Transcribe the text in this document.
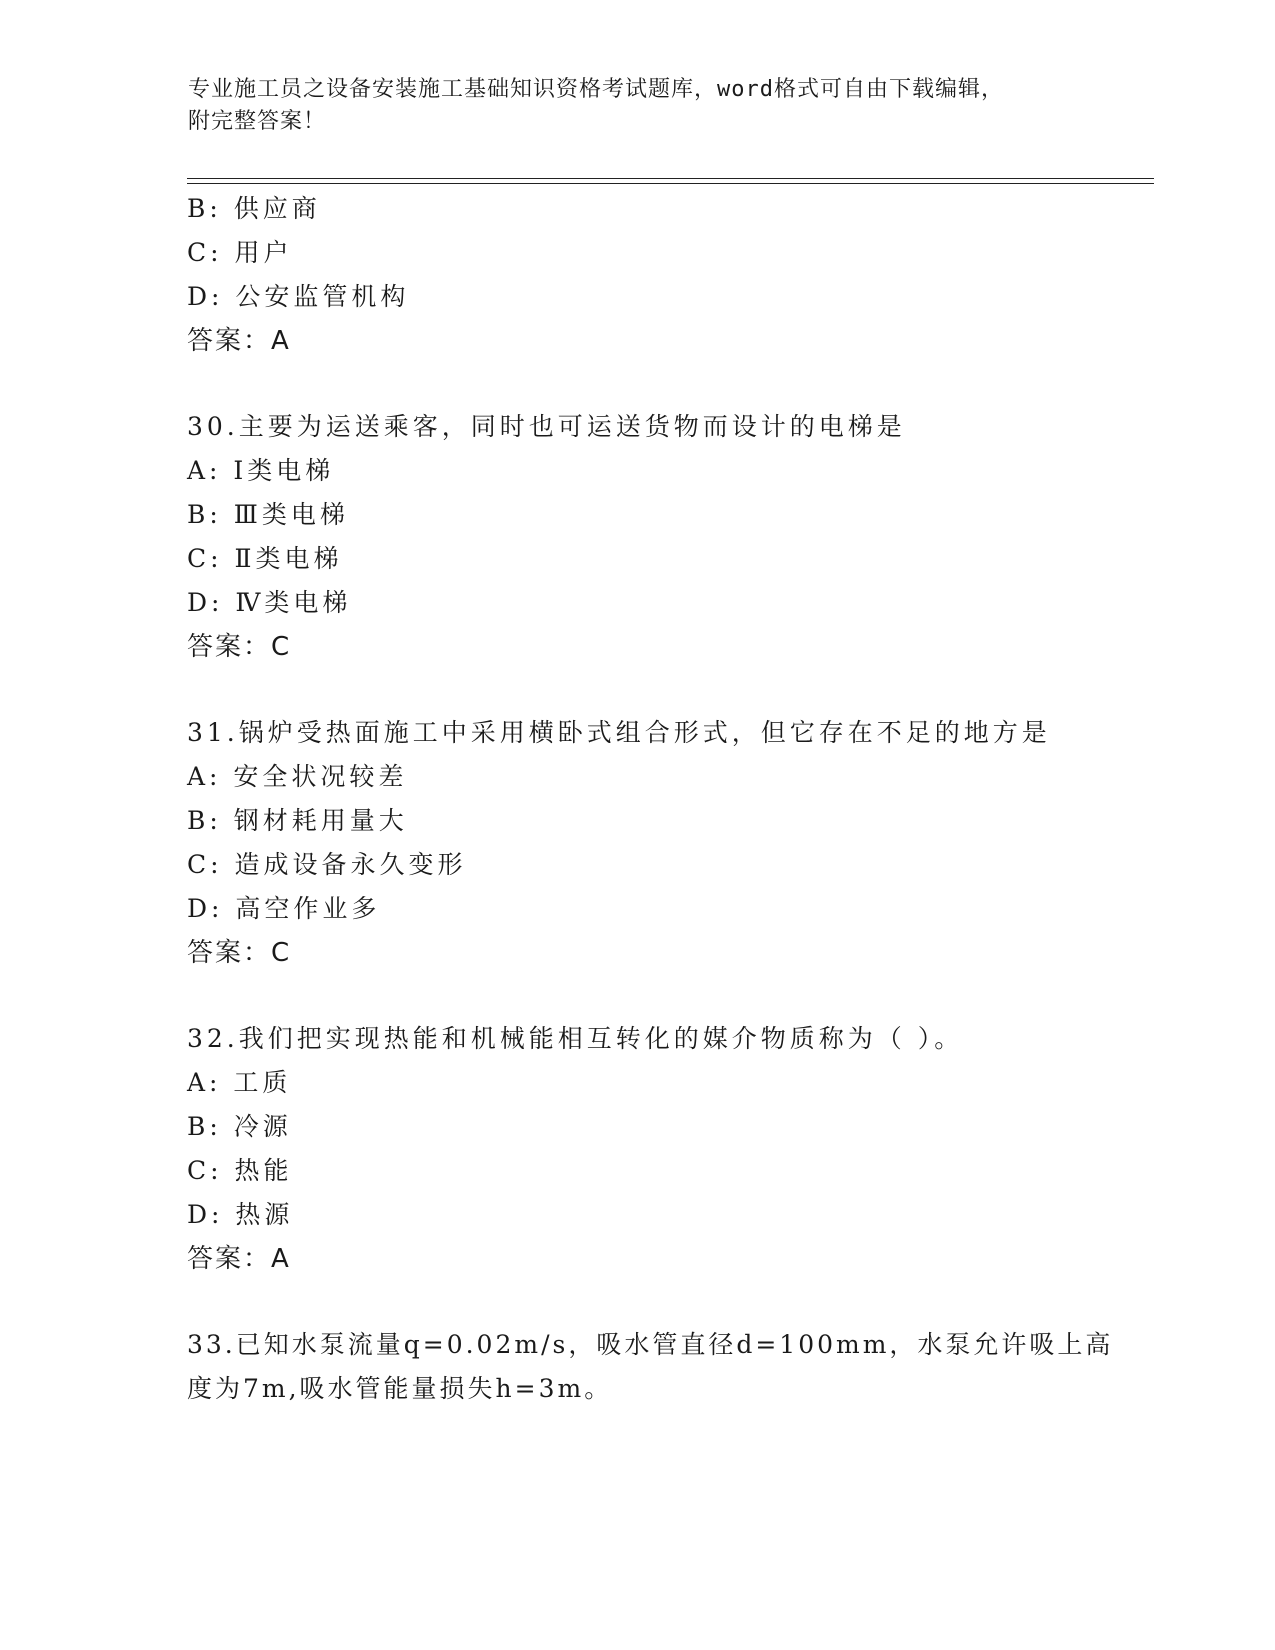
专业施工员之设备安装施工基础知识资格考试题库，word格式可自由下载编辑，
附完整答案！
B: 供应商
C: 用户
D: 公安监管机构
答案：A
30.主要为运送乘客，同时也可运送货物而设计的电梯是
A: Ⅰ类电梯
B: Ⅲ类电梯
C: Ⅱ类电梯
D: Ⅳ类电梯
答案：C
31.锅炉受热面施工中采用横卧式组合形式，但它存在不足的地方是
A: 安全状况较差
B: 钢材耗用量大
C: 造成设备永久变形
D: 高空作业多
答案：C
32.我们把实现热能和机械能相互转化的媒介物质称为（ ）。
A: 工质
B: 冷源
C: 热能
D: 热源
答案：A
33.已知水泵流量q=0.02m/s，吸水管直径d=100mm，水泵允许吸上高
度为7m,吸水管能量损失h=3m。
